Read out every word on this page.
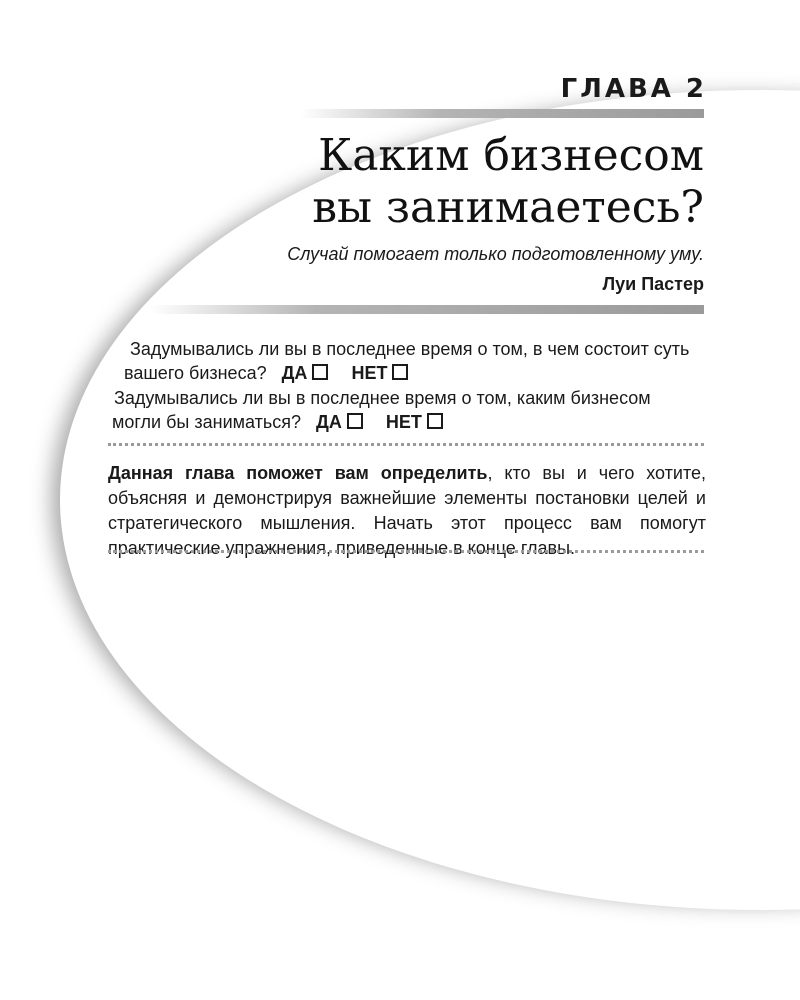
ГЛАВА 2
Каким бизнесом
вы занимаетесь?
Случай помогает только подготовленному уму.
Луи Пастер
Задумывались ли вы в последнее время о том, в чем состоит суть
вашего бизнеса? ДА НЕТ
Задумывались ли вы в последнее время о том, каким бизнесом
могли бы заниматься? ДА НЕТ
Данная глава поможет вам определить, кто вы и чего хотите, объясняя и демонстрируя важнейшие элементы постановки целей и стратегического мышления. Начать этот процесс вам помогут практические упражнения, приведенные в конце главы.
